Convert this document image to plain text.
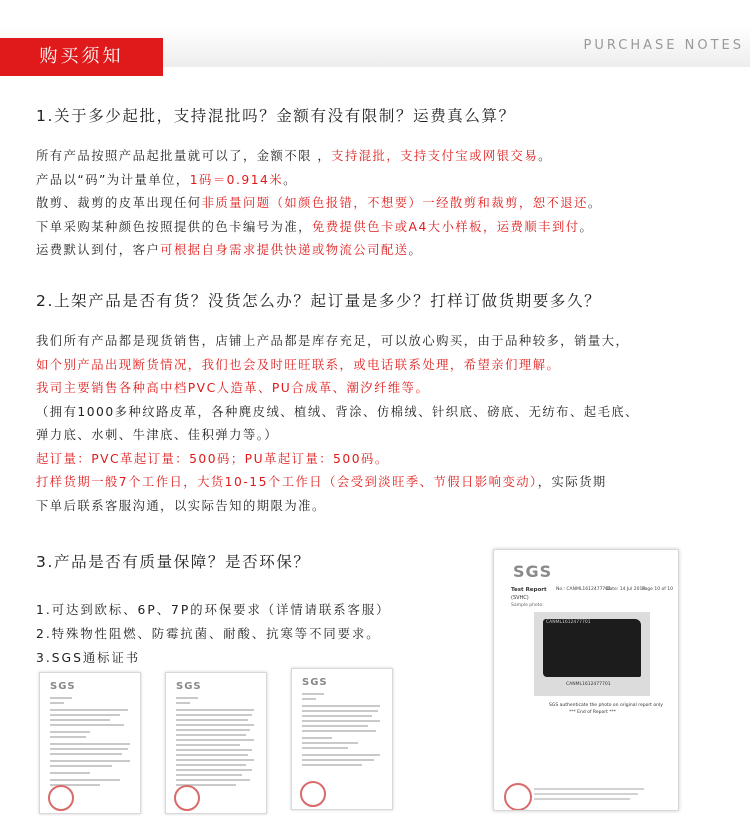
购买须知
PURCHASE NOTES
1.关于多少起批，支持混批吗？金额有没有限制？运费真么算？
所有产品按照产品起批量就可以了，金额不限 ，支持混批，支持支付宝或网银交易。
产品以“码”为计量单位，1码＝0.914米。
散剪、裁剪的皮革出现任何非质量问题（如颜色报错，不想要）一经散剪和裁剪，恕不退还。
下单采购某种颜色按照提供的色卡编号为准，免费提供色卡或A4大小样板，运费顺丰到付。
运费默认到付，客户可根据自身需求提供快递或物流公司配送。
2.上架产品是否有货？没货怎么办？起订量是多少？打样订做货期要多久？
我们所有产品都是现货销售，店铺上产品都是库存充足，可以放心购买，由于品种较多，销量大，
如个别产品出现断货情况，我们也会及时旺旺联系，或电话联系处理，希望亲们理解。
我司主要销售各种高中档PVC人造革、PU合成革、潮汐纤维等。
（拥有1000多种纹路皮革，各种麂皮绒、植绒、背涂、仿棉绒、针织底、磅底、无纺布、起毛底、
弹力底、水刺、牛津底、佳积弹力等。）
起订量：PVC革起订量：500码；PU革起订量：500码。
打样货期一般7个工作日，大货10-15个工作日（会受到淡旺季、节假日影响变动），实际货期
下单后联系客服沟通，以实际告知的期限为准。
3.产品是否有质量保障？是否环保？
1.可达到欧标、6P、7P的环保要求（详情请联系客服）
2.特殊物性阻燃、防霉抗菌、耐酸、抗寒等不同要求。
3.SGS通标证书
SGS	SGS	SGS
SGS
Test Report
(SVHC)
Sample photo:
No.: CANML1612477701
Date: 14 Jul 2016
Page 10 of 10
CANML1612477701
CANML1612477701
SGS authenticate the photo on original report only
*** End of Report ***
